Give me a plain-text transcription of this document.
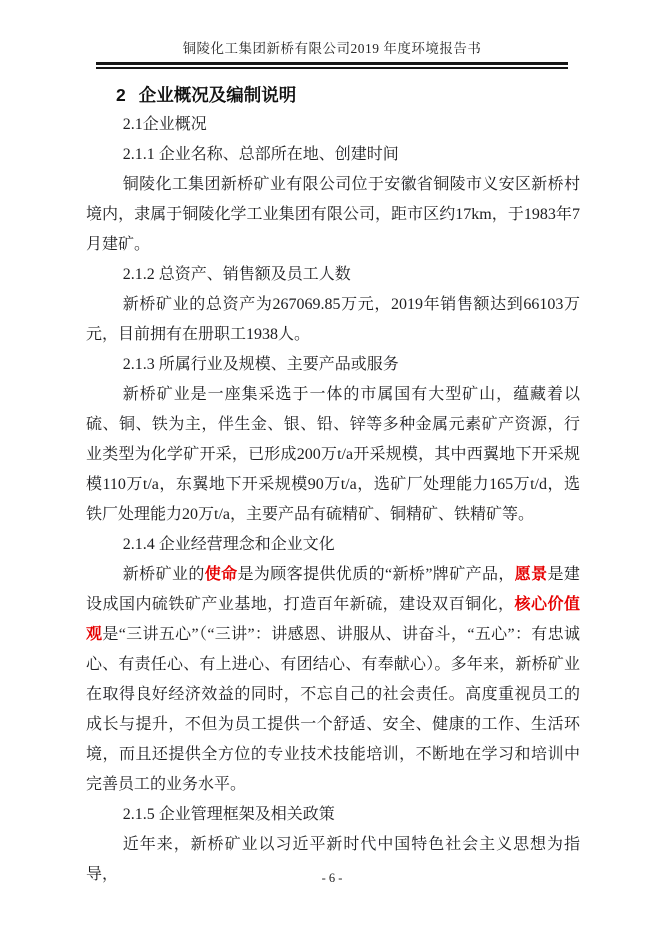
铜陵化工集团新桥有限公司2019 年度环境报告书
2 企业概况及编制说明

2.1企业概况

2.1.1 企业名称、总部所在地、创建时间

铜陵化工集团新桥矿业有限公司位于安徽省铜陵市义安区新桥村境内，隶属于铜陵化学工业集团有限公司，距市区约17km，于1983年7月建矿。

2.1.2 总资产、销售额及员工人数

新桥矿业的总资产为267069.85万元，2019年销售额达到66103万元，目前拥有在册职工1938人。

2.1.3 所属行业及规模、主要产品或服务

新桥矿业是一座集采选于一体的市属国有大型矿山，蕴藏着以硫、铜、铁为主，伴生金、银、铅、锌等多种金属元素矿产资源，行业类型为化学矿开采，已形成200万t/a开采规模，其中西翼地下开采规模110万t/a，东翼地下开采规模90万t/a，选矿厂处理能力165万t/d，选铁厂处理能力20万t/a，主要产品有硫精矿、铜精矿、铁精矿等。

2.1.4 企业经营理念和企业文化

新桥矿业的使命是为顾客提供优质的“新桥”牌矿产品，愿景是建设成国内硫铁矿产业基地，打造百年新硫，建设双百铜化，核心价值观是“三讲五心”（“三讲”：讲感恩、讲服从、讲奋斗，“五心”：有忠诚心、有责任心、有上进心、有团结心、有奉献心）。多年来，新桥矿业在取得良好经济效益的同时，不忘自己的社会责任。高度重视员工的成长与提升，不但为员工提供一个舒适、安全、健康的工作、生活环境，而且还提供全方位的专业技术技能培训，不断地在学习和培训中完善员工的业务水平。

2.1.5 企业管理框架及相关政策

近年来，新桥矿业以习近平新时代中国特色社会主义思想为指导，	- 6 -
